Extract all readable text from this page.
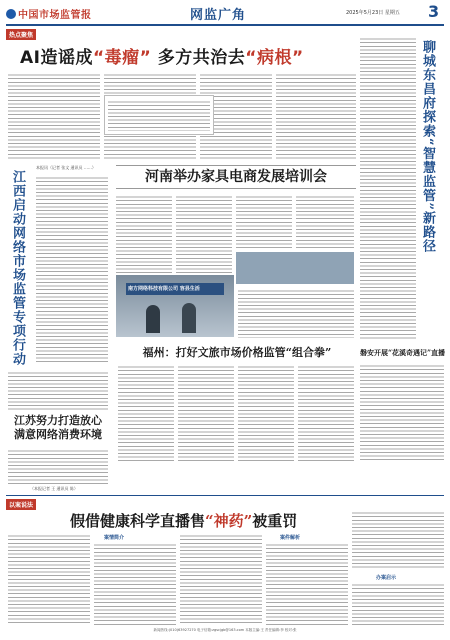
中国市场监管报	网监广角	2025年5月23日 星期五 3
热点聚焦
AI造谣成“毒瘤” 多方共治去“病根”	聊城东昌府探索“智慧监管”新路径
本报讯（记者 张文 通讯员 ……）
江西启动网络市场监管专项行动	河南举办家具电商发展培训会
南方网络科技有限公司 容县生活
福州：打好文旅市场价格监管“组合拳”	磐安开展“花溪奇遇记”直播
江苏努力打造放心满意网络消费环境
（本报记者 王 通讯员 陈）
以案说法
假借健康科学直播售“神药”被重罚
案情简介	案件解析
办案启示
新闻热线:(010)63927270 电子信箱:zgscjgb@163.com 本版主编:王 责任编辑:李 校对:张
